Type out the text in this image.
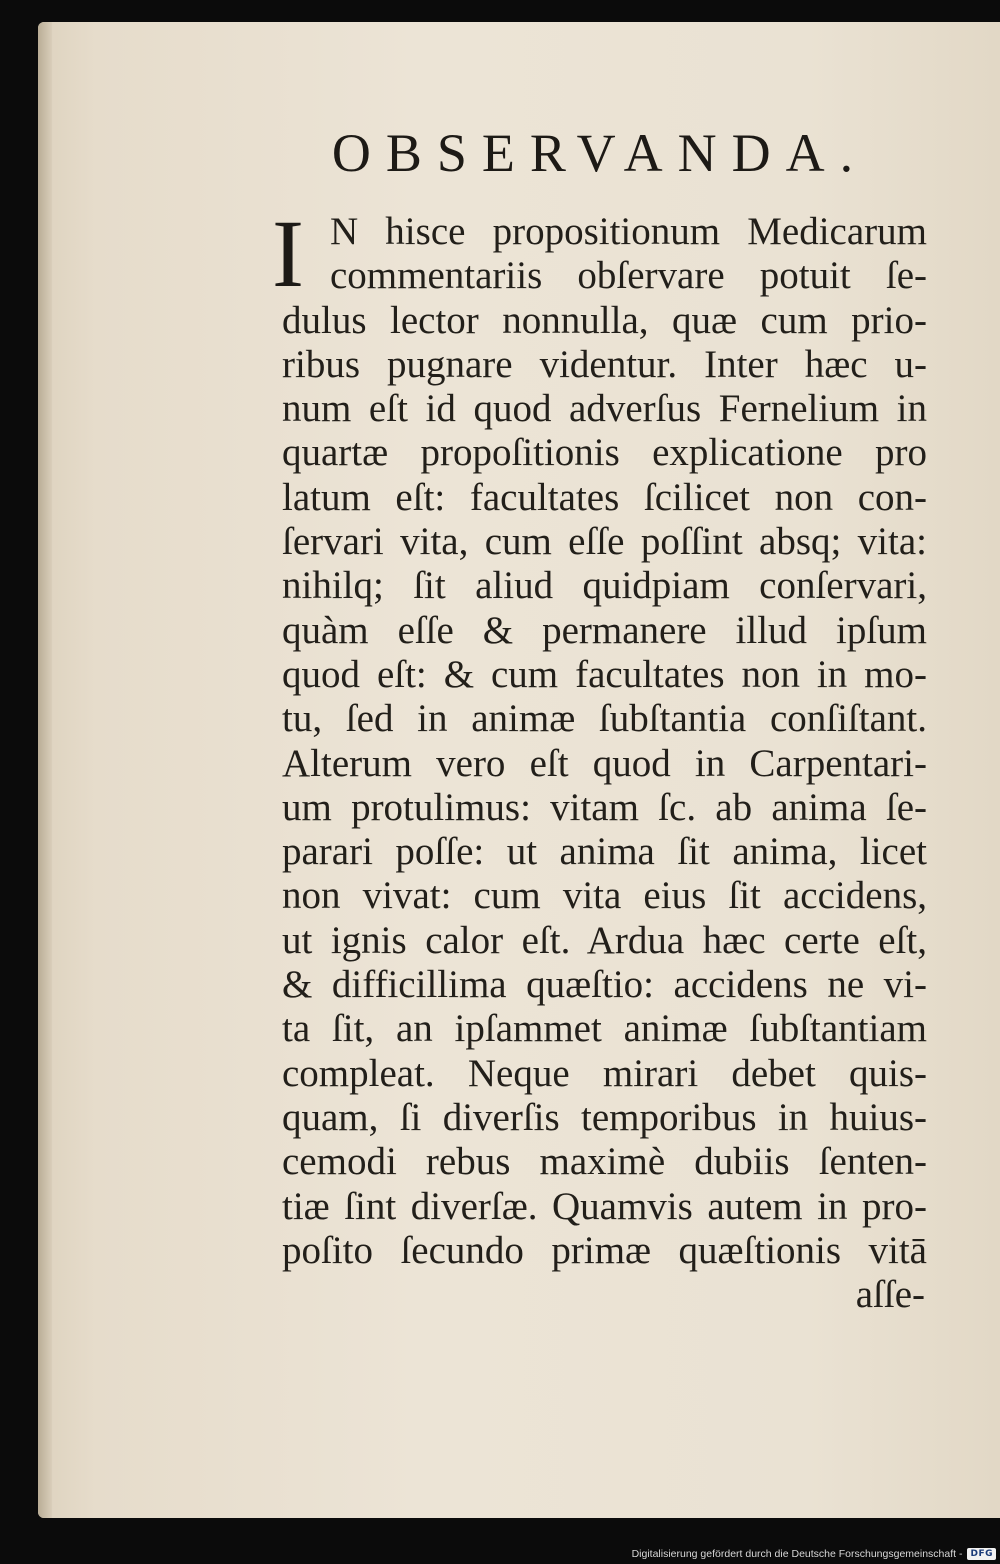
OBSERVANDA.
I N hisce propositionum Medicarum
commentariis obſervare potuit ſe-
dulus lector nonnulla, quæ cum prio-
ribus pugnare videntur. Inter hæc u-
num eſt id quod adverſus Fernelium in
quartæ propoſitionis explicatione pro
latum eſt: facultates ſcilicet non con-
ſervari vita, cum eſſe poſſint absq; vita:
nihilq; ſit aliud quidpiam conſervari,
quàm eſſe & permanere illud ipſum
quod eſt: & cum facultates non in mo-
tu, ſed in animæ ſubſtantia conſiſtant.
Alterum vero eſt quod in Carpentari-
um protulimus: vitam ſc. ab anima ſe-
parari poſſe: ut anima ſit anima, licet
non vivat: cum vita eius ſit accidens,
ut ignis calor eſt. Ardua hæc certe eſt,
& difficillima quæſtio: accidens ne vi-
ta ſit, an ipſammet animæ ſubſtantiam
compleat. Neque mirari debet quis-
quam, ſi diverſis temporibus in huius-
cemodi rebus maximè dubiis ſenten-
tiæ ſint diverſæ. Quamvis autem in pro-
poſito ſecundo primæ quæſtionis vitā
aſſe-
Digitalisierung gefördert durch die Deutsche Forschungsgemeinschaft - DFG
